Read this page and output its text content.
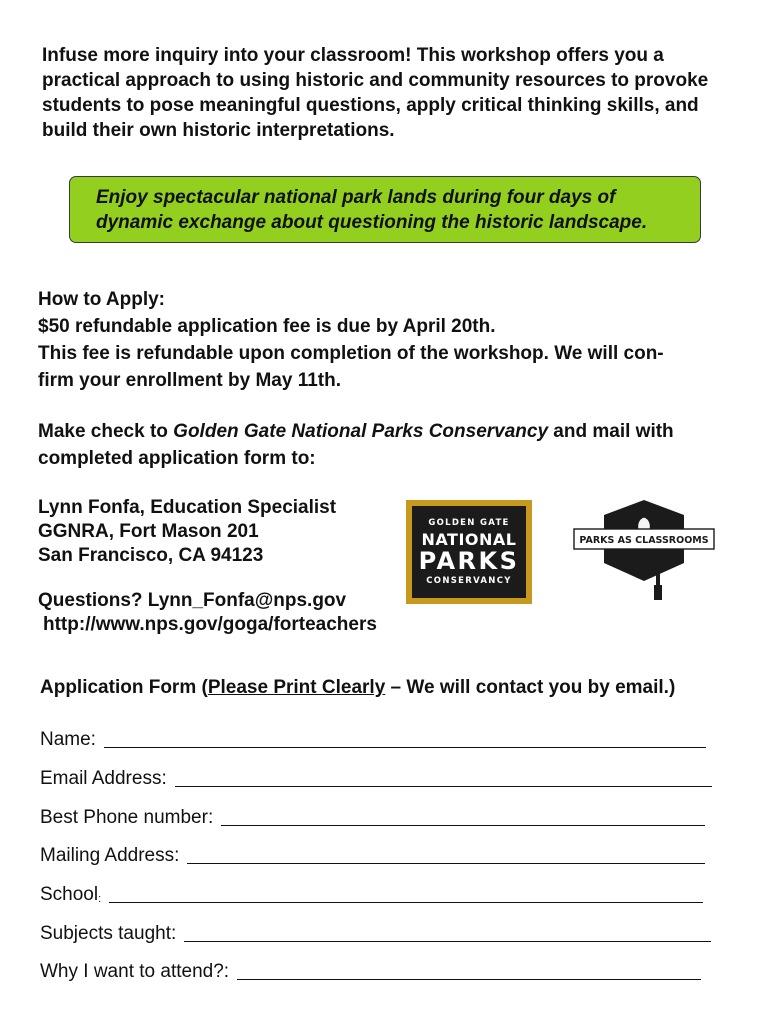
Infuse more inquiry into your classroom! This workshop offers you a practical approach to using historic and community resources to provoke students to pose meaningful questions, apply critical thinking skills, and build their own historic interpretations.

Enjoy spectacular national park lands during four days of dynamic exchange about questioning the historic landscape.
How to Apply:
$50 refundable application fee is due by April 20th.
This fee is refundable upon completion of the workshop. We will con-
firm your enrollment by May 11th.
Make check to Golden Gate National Parks Conservancy and mail with
completed application form to:
Lynn Fonfa, Education Specialist
GGNRA, Fort Mason 201
San Francisco, CA 94123
Questions? Lynn_Fonfa@nps.gov
http://www.nps.gov/goga/forteachers
GOLDEN GATE
NATIONAL
PARKS
CONSERVANCY
PARKS AS CLASSROOMS
Application Form (Please Print Clearly – We will contact you by email.)
Name:
Email Address:
Best Phone number:
Mailing Address:
School :
Subjects taught:
Why I want to attend?:
